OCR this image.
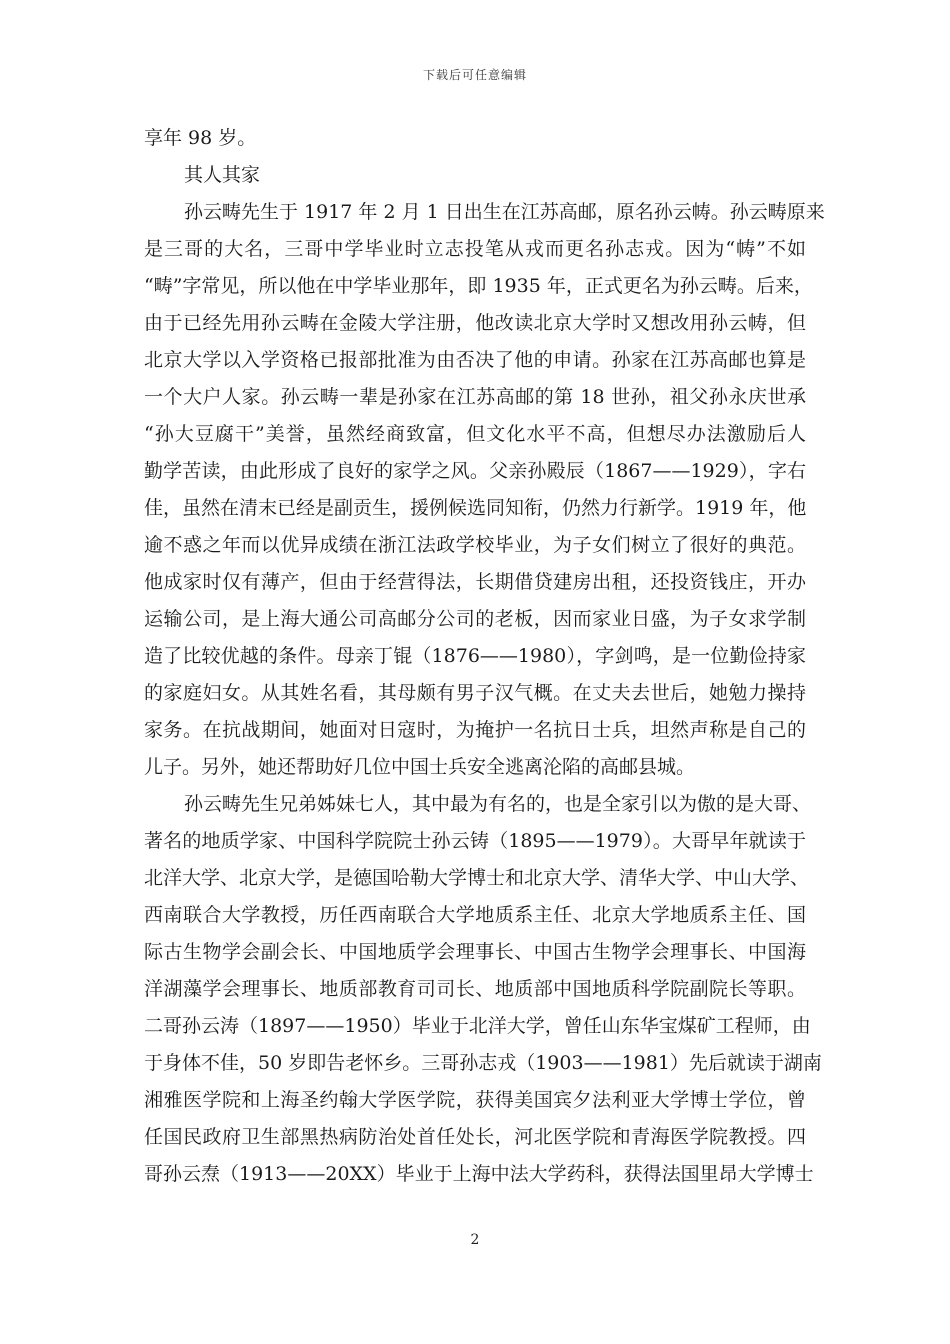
下载后可任意编辑
享年 98 岁。
其人其家
孙云畴先生于 1917 年 2 月 1 日出生在江苏高邮，原名孙云帱。孙云畴原来
是三哥的大名，三哥中学毕业时立志投笔从戎而更名孙志戎。因为“帱”不如
“畴”字常见，所以他在中学毕业那年，即 1935 年，正式更名为孙云畴。后来，
由于已经先用孙云畴在金陵大学注册，他改读北京大学时又想改用孙云帱，但
北京大学以入学资格已报部批准为由否决了他的申请。孙家在江苏高邮也算是
一个大户人家。孙云畴一辈是孙家在江苏高邮的第 18 世孙，祖父孙永庆世承
“孙大豆腐干”美誉，虽然经商致富，但文化水平不高，但想尽办法激励后人
勤学苦读，由此形成了良好的家学之风。父亲孙殿辰（1867——1929），字右
佳，虽然在清末已经是副贡生，援例候选同知衔，仍然力行新学。1919 年，他
逾不惑之年而以优异成绩在浙江法政学校毕业，为子女们树立了很好的典范。
他成家时仅有薄产，但由于经营得法，长期借贷建房出租，还投资钱庄，开办
运输公司，是上海大通公司高邮分公司的老板，因而家业日盛，为子女求学制
造了比较优越的条件。母亲丁锟（1876——1980），字剑鸣，是一位勤俭持家
的家庭妇女。从其姓名看，其母颇有男子汉气概。在丈夫去世后，她勉力操持
家务。在抗战期间，她面对日寇时，为掩护一名抗日士兵，坦然声称是自己的
儿子。另外，她还帮助好几位中国士兵安全逃离沦陷的高邮县城。
孙云畴先生兄弟姊妹七人，其中最为有名的，也是全家引以为傲的是大哥、
著名的地质学家、中国科学院院士孙云铸（1895——1979）。大哥早年就读于
北洋大学、北京大学，是德国哈勒大学博士和北京大学、清华大学、中山大学、
西南联合大学教授，历任西南联合大学地质系主任、北京大学地质系主任、国
际古生物学会副会长、中国地质学会理事长、中国古生物学会理事长、中国海
洋湖藻学会理事长、地质部教育司司长、地质部中国地质科学院副院长等职。
二哥孙云涛（1897——1950）毕业于北洋大学，曾任山东华宝煤矿工程师，由
于身体不佳，50 岁即告老怀乡。三哥孙志戎（1903——1981）先后就读于湖南
湘雅医学院和上海圣约翰大学医学院，获得美国宾夕法利亚大学博士学位，曾
任国民政府卫生部黑热病防治处首任处长，河北医学院和青海医学院教授。四
哥孙云焘（1913——20XX）毕业于上海中法大学药科，获得法国里昂大学博士
2
